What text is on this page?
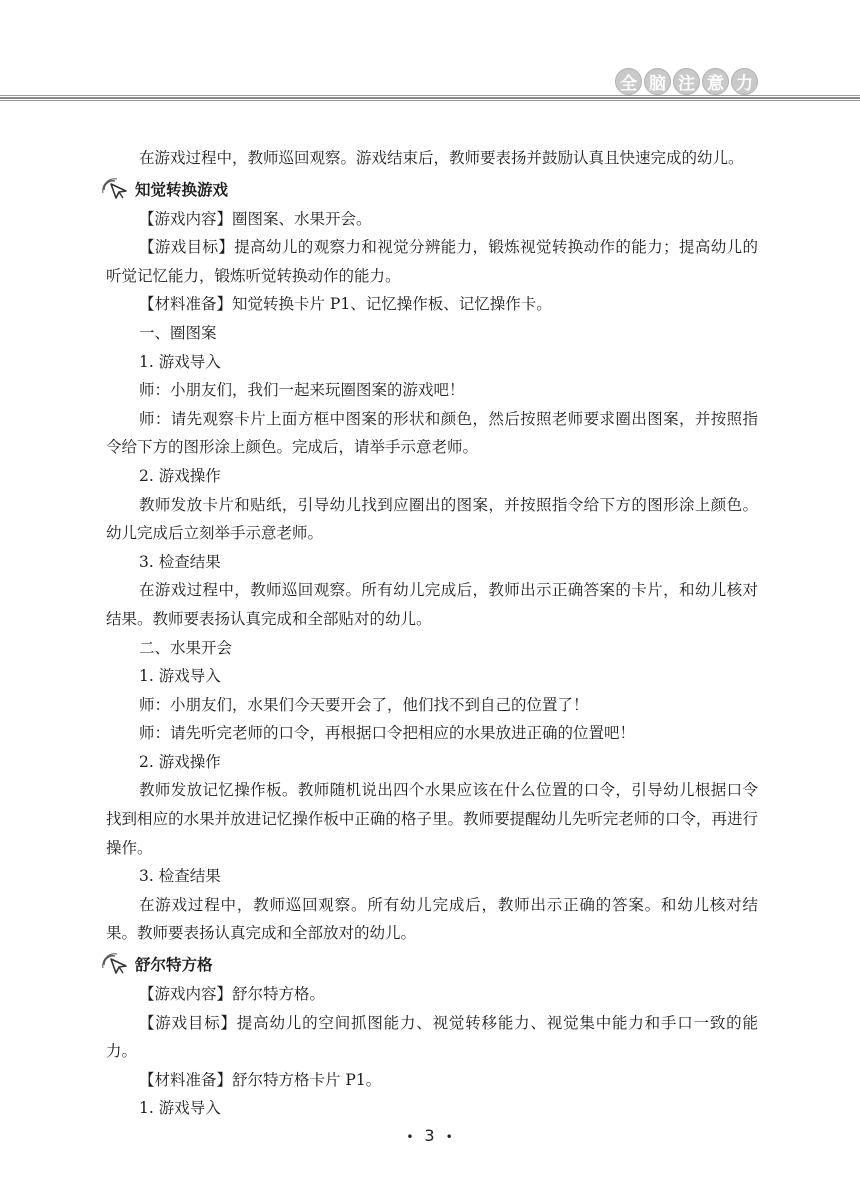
全 脑 注 意 力

在游戏过程中，教师巡回观察。游戏结束后，教师要表扬并鼓励认真且快速完成的幼儿。

知觉转换游戏

【游戏内容】圈图案、水果开会。

【游戏目标】提高幼儿的观察力和视觉分辨能力，锻炼视觉转换动作的能力；提高幼儿的听觉记忆能力，锻炼听觉转换动作的能力。

【材料准备】知觉转换卡片 P1、记忆操作板、记忆操作卡。

一、圈图案

1. 游戏导入

师：小朋友们，我们一起来玩圈图案的游戏吧！

师：请先观察卡片上面方框中图案的形状和颜色，然后按照老师要求圈出图案，并按照指令给下方的图形涂上颜色。完成后，请举手示意老师。

2. 游戏操作

教师发放卡片和贴纸，引导幼儿找到应圈出的图案，并按照指令给下方的图形涂上颜色。幼儿完成后立刻举手示意老师。

3. 检查结果

在游戏过程中，教师巡回观察。所有幼儿完成后，教师出示正确答案的卡片，和幼儿核对结果。教师要表扬认真完成和全部贴对的幼儿。

二、水果开会

1. 游戏导入

师：小朋友们，水果们今天要开会了，他们找不到自己的位置了！

师：请先听完老师的口令，再根据口令把相应的水果放进正确的位置吧！

2. 游戏操作

教师发放记忆操作板。教师随机说出四个水果应该在什么位置的口令，引导幼儿根据口令找到相应的水果并放进记忆操作板中正确的格子里。教师要提醒幼儿先听完老师的口令，再进行操作。

3. 检查结果

在游戏过程中，教师巡回观察。所有幼儿完成后，教师出示正确的答案。和幼儿核对结果。教师要表扬认真完成和全部放对的幼儿。

舒尔特方格

【游戏内容】舒尔特方格。

【游戏目标】提高幼儿的空间抓图能力、视觉转移能力、视觉集中能力和手口一致的能力。

【材料准备】舒尔特方格卡片 P1。

1. 游戏导入

• 3 •
